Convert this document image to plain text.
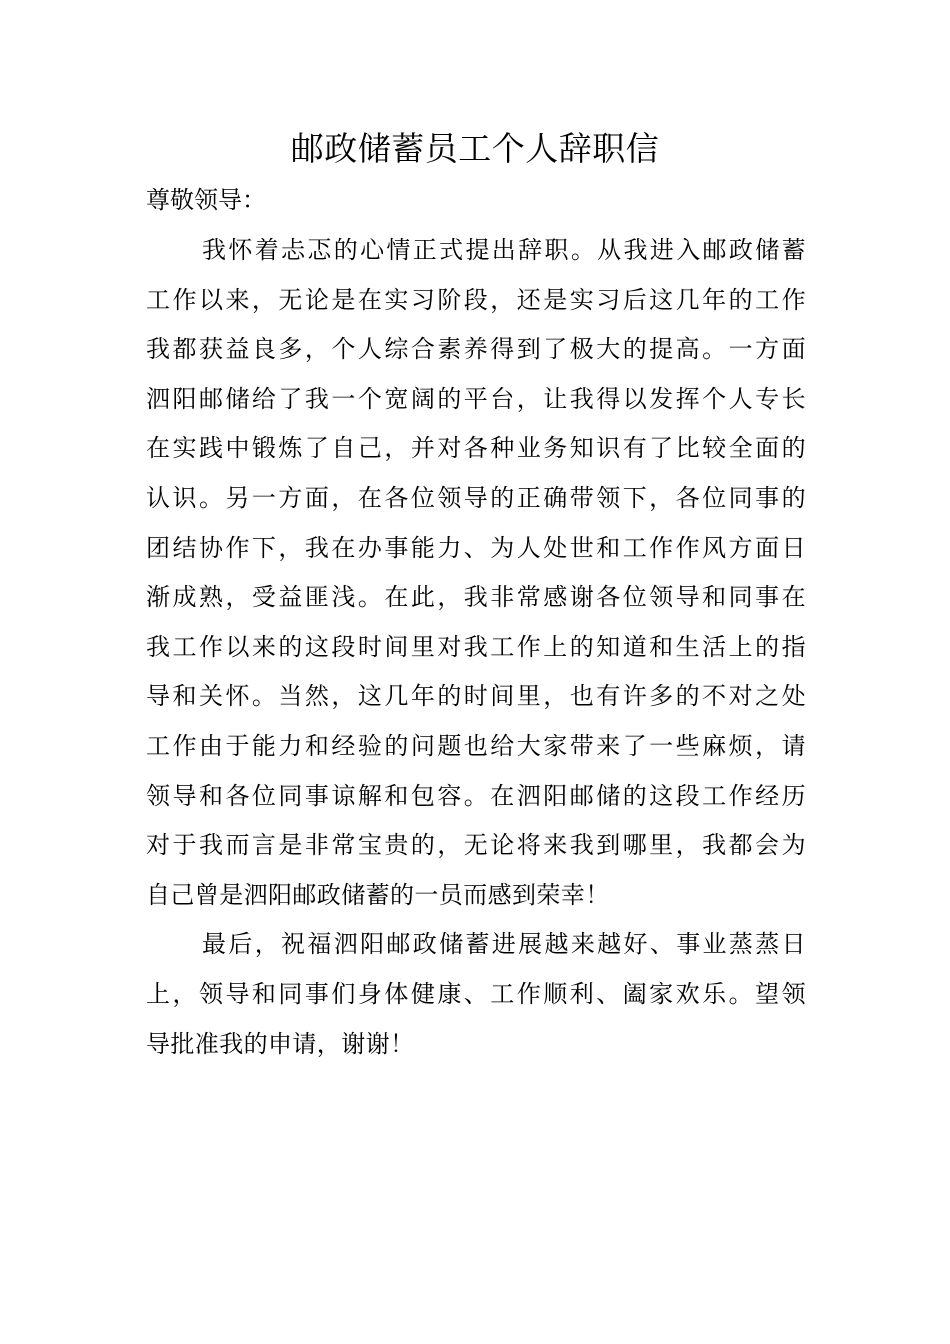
邮政储蓄员工个人辞职信
尊敬领导：

我怀着忐忑的心情正式提出辞职。从我进入邮政储蓄
工作以来，无论是在实习阶段，还是实习后这几年的工作
我都获益良多，个人综合素养得到了极大的提高。一方面
泗阳邮储给了我一个宽阔的平台，让我得以发挥个人专长
在实践中锻炼了自己，并对各种业务知识有了比较全面的
认识。另一方面，在各位领导的正确带领下，各位同事的
团结协作下，我在办事能力、为人处世和工作作风方面日
渐成熟，受益匪浅。在此，我非常感谢各位领导和同事在
我工作以来的这段时间里对我工作上的知道和生活上的指
导和关怀。当然，这几年的时间里，也有许多的不对之处
工作由于能力和经验的问题也给大家带来了一些麻烦，请
领导和各位同事谅解和包容。在泗阳邮储的这段工作经历
对于我而言是非常宝贵的，无论将来我到哪里，我都会为
自己曾是泗阳邮政储蓄的一员而感到荣幸！

最后，祝福泗阳邮政储蓄进展越来越好、事业蒸蒸日
上，领导和同事们身体健康、工作顺利、阖家欢乐。望领
导批准我的申请，谢谢！
